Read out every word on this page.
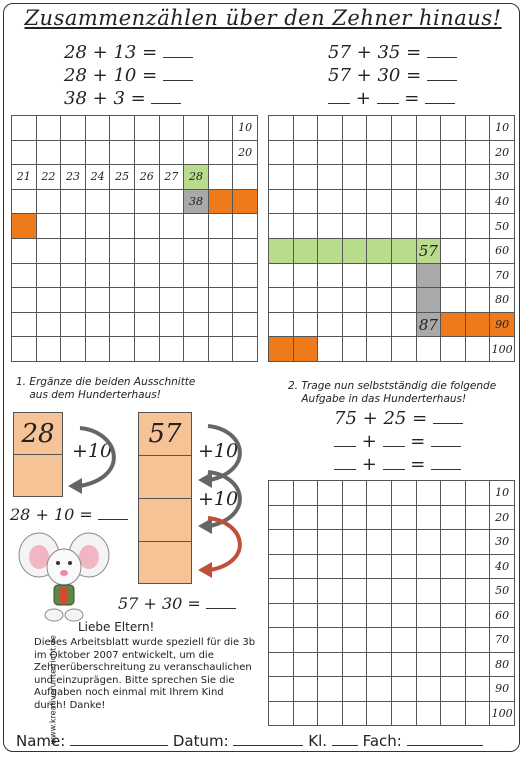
Zusammenzählen über den Zehner hinaus!
									10
									20
21	22	23	24	25	26	27	28		
							38		

									10
									20
									30
									40
									50
						57			60
									70
									80
						87			90
									100
									10
									20
									30
									40
									50
									60
									70
									80
									90
									100
1. Ergänze die beiden Ausschnitte
aus dem Hunderterhaus!
2. Trage nun selbstständig die folgende
Aufgabe in das Hunderterhaus!
28
+10
57
+10
+10
28 + 10 =
57 + 30 =
Liebe Eltern!
Dieses Arbeitsblatt wurde speziell für die 3b im Oktober 2007 entwickelt, um die Zehnerüberschreitung zu veranschaulichen und einzuprägen. Bitte sprechen Sie die Aufgaben noch einmal mit Ihrem Kind durch! Danke!
www.kreativerunterricht.de
Name:	Datum:	Kl. Fach:
28 + 13 =
28 + 10 =
38 + 3 =
57 + 35 =
57 + 30 =
+  =
75 + 25 =
+  =
+  =
